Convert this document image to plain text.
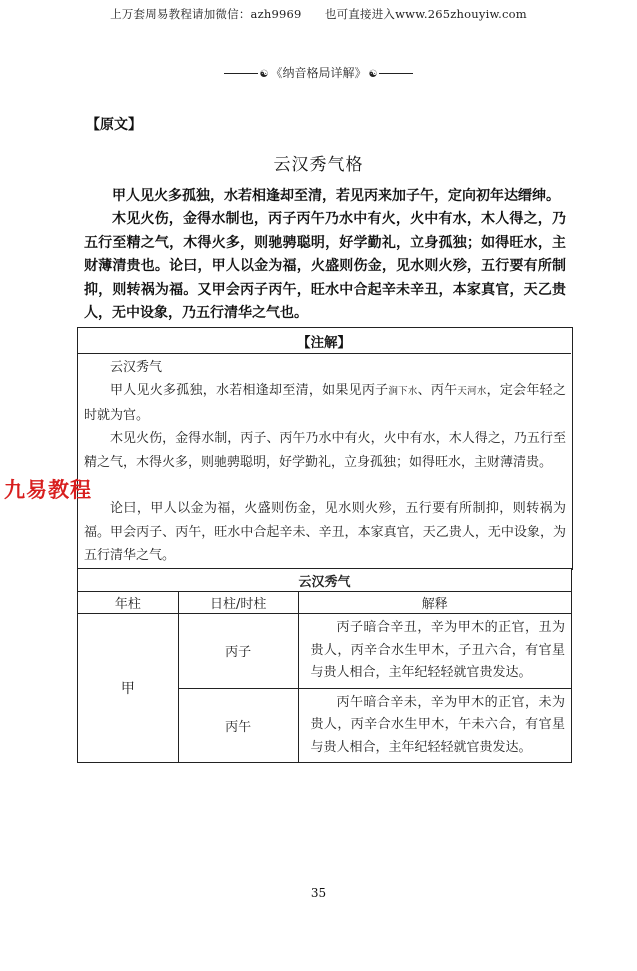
上万套周易教程请加微信：azh9969　　也可直接进入www.265zhouyiw.com
☯ 《纳音格局详解》 ☯
【原文】
云汉秀气格

甲人见火多孤独，水若相逢却至清，若见丙来加子午，定向初年达缙绅。

木见火伤，金得水制也，丙子丙午乃水中有火，火中有水，木人得之，乃五行至精之气，木得火多，则驰骋聪明，好学勤礼，立身孤独；如得旺水，主财薄清贵也。论曰，甲人以金为福，火盛则伤金，见水则火殄，五行要有所制抑，则转祸为福。又甲会丙子丙午，旺水中合起辛未辛丑，本家真官，天乙贵人，无中设象，乃五行清华之气也。

【注解】

云汉秀气

甲人见火多孤独，水若相逢却至清，如果见丙子涧下水、丙午天河水，定会年轻之时就为官。

木见火伤，金得水制，丙子、丙午乃水中有火，火中有水，木人得之，乃五行至精之气，木得火多，则驰骋聪明，好学勤礼，立身孤独；如得旺水，主财薄清贵。

论曰，甲人以金为福，火盛则伤金，见水则火殄，五行要有所制抑，则转祸为福。甲会丙子、丙午，旺水中合起辛未、辛丑，本家真官，天乙贵人，无中设象，为五行清华之气。

云汉秀气		
年柱	日柱/时柱	解释
甲	丙子	丙子暗合辛丑，辛为甲木的正官，丑为贵人，丙辛合水生甲木，子丑六合，有官星与贵人相合，主年纪轻轻就官贵发达。
	丙午	丙午暗合辛未，辛为甲木的正官，未为贵人，丙辛合水生甲木，午未六合，有官星与贵人相合，主年纪轻轻就官贵发达。
九易教程
35
